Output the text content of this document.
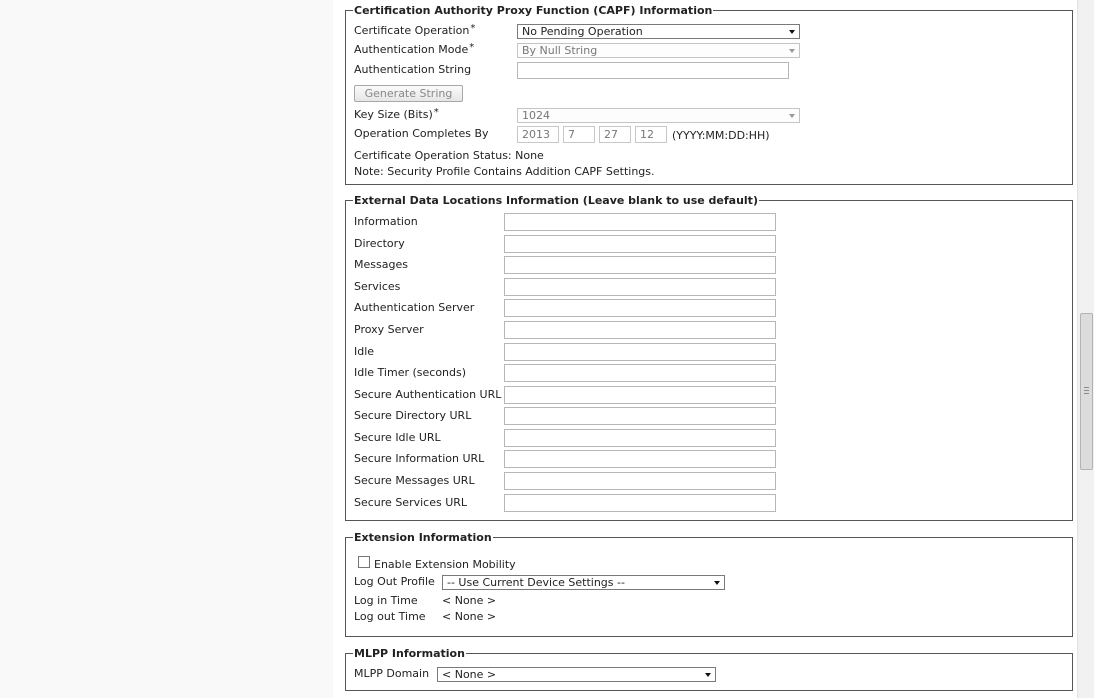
Certification Authority Proxy Function (CAPF) Information
Certificate Operation*	No Pending Operation
Authentication Mode*	By Null String
Authentication String
Generate String
Key Size (Bits)*	1024
Operation Completes By	2013	7	27	12	(YYYY:MM:DD:HH)
Certificate Operation Status: None
Note: Security Profile Contains Addition CAPF Settings.
External Data Locations Information (Leave blank to use default)
Information
Directory
Messages
Services
Authentication Server
Proxy Server
Idle
Idle Timer (seconds)
Secure Authentication URL
Secure Directory URL
Secure Idle URL
Secure Information URL
Secure Messages URL
Secure Services URL
Extension Information
Enable Extension Mobility
Log Out Profile	-- Use Current Device Settings --
Log in Time < None >
Log out Time < None >
MLPP Information
MLPP Domain	< None >
